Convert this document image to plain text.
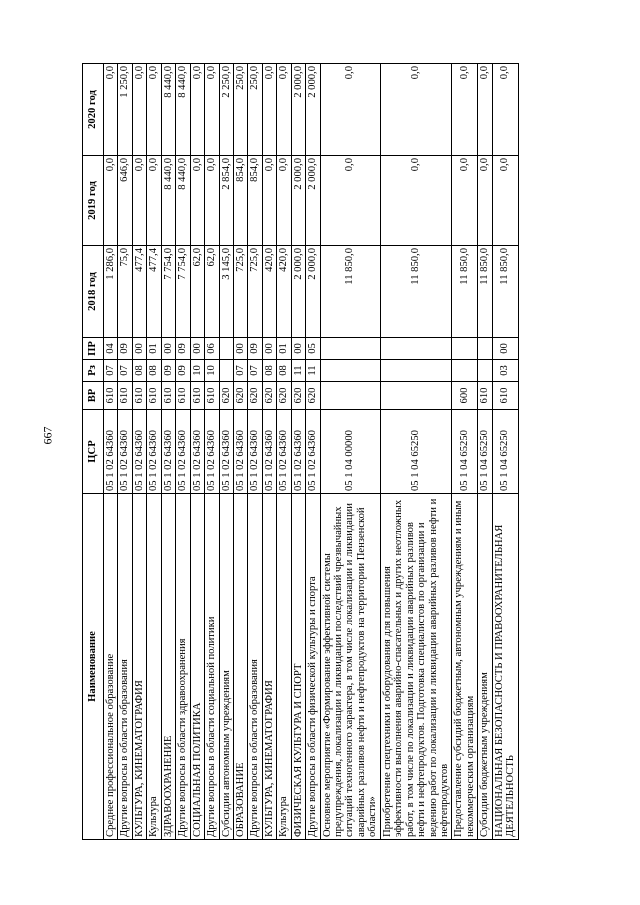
667
Наименование	ЦСР	ВР	Рз	ПР	2018 год	2019 год	2020 год
Среднее профессиональное образование	05 1 02 64360	610	07	04	1 286,0	0,0	0,0
Другие вопросы в области образования	05 1 02 64360	610	07	09	75,0	646,0	1 250,0
КУЛЬТУРА, КИНЕМАТОГРАФИЯ	05 1 02 64360	610	08	00	477,4	0,0	0,0
Культура	05 1 02 64360	610	08	01	477,4	0,0	0,0
ЗДРАВООХРАНЕНИЕ	05 1 02 64360	610	09	00	7 754,0	8 440,0	8 440,0
Другие вопросы в области здравоохранения	05 1 02 64360	610	09	09	7 754,0	8 440,0	8 440,0
СОЦИАЛЬНАЯ ПОЛИТИКА	05 1 02 64360	610	10	00	62,0	0,0	0,0
Другие вопросы в области социальной политики	05 1 02 64360	610	10	06	62,0	0,0	0,0
Субсидии автономным учреждениям	05 1 02 64360	620			3 145,0	2 854,0	2 250,0
ОБРАЗОВАНИЕ	05 1 02 64360	620	07	00	725,0	854,0	250,0
Другие вопросы в области образования	05 1 02 64360	620	07	09	725,0	854,0	250,0
КУЛЬТУРА, КИНЕМАТОГРАФИЯ	05 1 02 64360	620	08	00	420,0	0,0	0,0
Культура	05 1 02 64360	620	08	01	420,0	0,0	0,0
ФИЗИЧЕСКАЯ КУЛЬТУРА И СПОРТ	05 1 02 64360	620	11	00	2 000,0	2 000,0	2 000,0
Другие вопросы в области физической культуры и спорта	05 1 02 64360	620	11	05	2 000,0	2 000,0	2 000,0
Основное мероприятие «Формирование эффективной системы предупреждения, локализации и ликвидации последствий чрезвычайных ситуаций техногенного характера, в том числе локализации и ликвидации аварийных разливов нефти и нефтепродуктов на территории Пензенской области»	05 1 04 00000				11 850,0	0,0	0,0
Приобретение спецтехники и оборудования для повышения эффективности выполнения аварийно-спасательных и других неотложных работ, в том числе по локализации и ликвидации аварийных разливов нефти и нефтепродуктов. Подготовка специалистов по организации и ведению работ по локализации и ликвидации аварийных разливов нефти и нефтепродуктов	05 1 04 65250				11 850,0	0,0	0,0
Предоставление субсидий бюджетным, автономным учреждениям и иным некоммерческим организациям	05 1 04 65250	600			11 850,0	0,0	0,0
Субсидии бюджетным учреждениям	05 1 04 65250	610			11 850,0	0,0	0,0
НАЦИОНАЛЬНАЯ БЕЗОПАСНОСТЬ И ПРАВООХРАНИТЕЛЬНАЯ ДЕЯТЕЛЬНОСТЬ	05 1 04 65250	610	03	00	11 850,0	0,0	0,0
